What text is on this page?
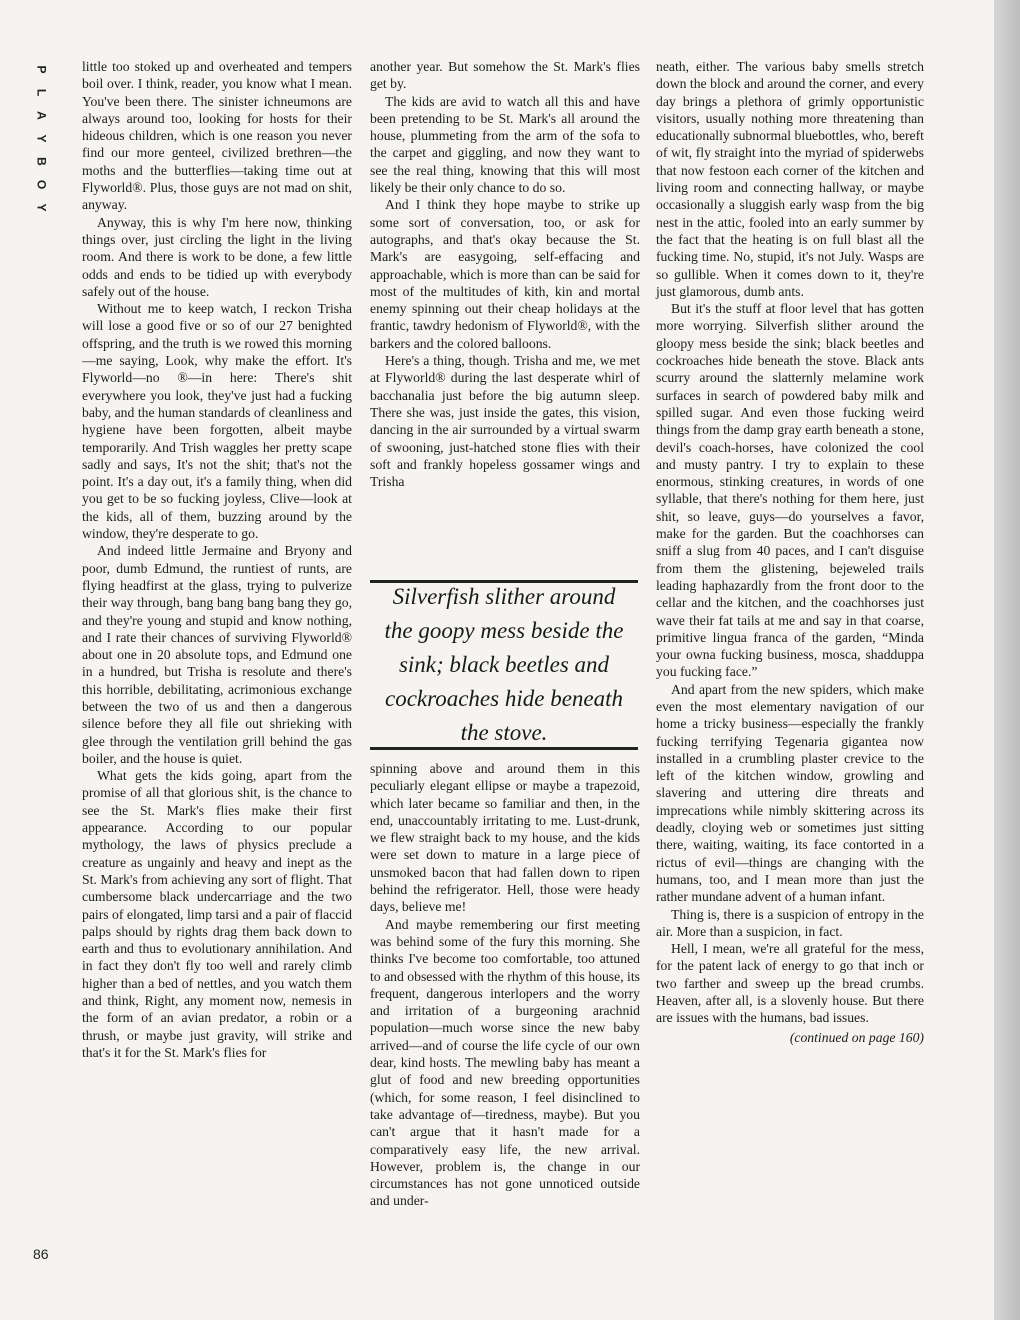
P
L
A
Y
B
O
Y
86

little too stoked up and overheated and tempers boil over. I think, reader, you know what I mean. You've been there. The sinister ichneumons are always around too, looking for hosts for their hideous children, which is one reason you never find our more genteel, civilized brethren—the moths and the butterflies—taking time out at Flyworld®. Plus, those guys are not mad on shit, anyway.

Anyway, this is why I'm here now, thinking things over, just circling the light in the living room. And there is work to be done, a few little odds and ends to be tidied up with everybody safely out of the house.

Without me to keep watch, I reckon Trisha will lose a good five or so of our 27 benighted offspring, and the truth is we rowed this morning—me saying, Look, why make the effort. It's Flyworld—no ®—in here: There's shit everywhere you look, they've just had a fucking baby, and the human standards of cleanliness and hygiene have been forgotten, albeit maybe temporarily. And Trish waggles her pretty scape sadly and says, It's not the shit; that's not the point. It's a day out, it's a family thing, when did you get to be so fucking joyless, Clive—look at the kids, all of them, buzzing around by the window, they're desperate to go.

And indeed little Jermaine and Bryony and poor, dumb Edmund, the runtiest of runts, are flying headfirst at the glass, trying to pulverize their way through, bang bang bang bang they go, and they're young and stupid and know nothing, and I rate their chances of surviving Flyworld® about one in 20 absolute tops, and Edmund one in a hundred, but Trisha is resolute and there's this horrible, debilitating, acrimonious exchange between the two of us and then a dangerous silence before they all file out shrieking with glee through the ventilation grill behind the gas boiler, and the house is quiet.

What gets the kids going, apart from the promise of all that glorious shit, is the chance to see the St. Mark's flies make their first appearance. According to our popular mythology, the laws of physics preclude a creature as ungainly and heavy and inept as the St. Mark's from achieving any sort of flight. That cumbersome black undercarriage and the two pairs of elongated, limp tarsi and a pair of flaccid palps should by rights drag them back down to earth and thus to evolutionary annihilation. And in fact they don't fly too well and rarely climb higher than a bed of nettles, and you watch them and think, Right, any moment now, nemesis in the form of an avian predator, a robin or a thrush, or maybe just gravity, will strike and that's it for the St. Mark's flies for

another year. But somehow the St. Mark's flies get by.

The kids are avid to watch all this and have been pretending to be St. Mark's all around the house, plummeting from the arm of the sofa to the carpet and giggling, and now they want to see the real thing, knowing that this will most likely be their only chance to do so.

And I think they hope maybe to strike up some sort of conversation, too, or ask for autographs, and that's okay because the St. Mark's are easygoing, self-effacing and approachable, which is more than can be said for most of the multitudes of kith, kin and mortal enemy spinning out their cheap holidays at the frantic, tawdry hedonism of Flyworld®, with the barkers and the colored balloons.

Here's a thing, though. Trisha and me, we met at Flyworld® during the last desperate whirl of bacchanalia just before the big autumn sleep. There she was, just inside the gates, this vision, dancing in the air surrounded by a virtual swarm of swooning, just-hatched stone flies with their soft and frankly hopeless gossamer wings and Trisha

Silverfish slither around the goopy mess beside the sink; black beetles and cockroaches hide beneath the stove.

spinning above and around them in this peculiarly elegant ellipse or maybe a trapezoid, which later became so familiar and then, in the end, unaccountably irritating to me. Lust-drunk, we flew straight back to my house, and the kids were set down to mature in a large piece of unsmoked bacon that had fallen down to ripen behind the refrigerator. Hell, those were heady days, believe me!

And maybe remembering our first meeting was behind some of the fury this morning. She thinks I've become too comfortable, too attuned to and obsessed with the rhythm of this house, its frequent, dangerous interlopers and the worry and irritation of a burgeoning arachnid population—much worse since the new baby arrived—and of course the life cycle of our own dear, kind hosts. The mewling baby has meant a glut of food and new breeding opportunities (which, for some reason, I feel disinclined to take advantage of—tiredness, maybe). But you can't argue that it hasn't made for a comparatively easy life, the new arrival. However, problem is, the change in our circumstances has not gone unnoticed outside and under-

neath, either. The various baby smells stretch down the block and around the corner, and every day brings a plethora of grimly opportunistic visitors, usually nothing more threatening than educationally subnormal bluebottles, who, bereft of wit, fly straight into the myriad of spiderwebs that now festoon each corner of the kitchen and living room and connecting hallway, or maybe occasionally a sluggish early wasp from the big nest in the attic, fooled into an early summer by the fact that the heating is on full blast all the fucking time. No, stupid, it's not July. Wasps are so gullible. When it comes down to it, they're just glamorous, dumb ants.

But it's the stuff at floor level that has gotten more worrying. Silverfish slither around the gloopy mess beside the sink; black beetles and cockroaches hide beneath the stove. Black ants scurry around the slatternly melamine work surfaces in search of powdered baby milk and spilled sugar. And even those fucking weird things from the damp gray earth beneath a stone, devil's coach-horses, have colonized the cool and musty pantry. I try to explain to these enormous, stinking creatures, in words of one syllable, that there's nothing for them here, just shit, so leave, guys—do yourselves a favor, make for the garden. But the coachhorses can sniff a slug from 40 paces, and I can't disguise from them the glistening, bejeweled trails leading haphazardly from the front door to the cellar and the kitchen, and the coachhorses just wave their fat tails at me and say in that coarse, primitive lingua franca of the garden, “Minda your owna fucking business, mosca, shadduppa you fucking face.”

And apart from the new spiders, which make even the most elementary navigation of our home a tricky business—especially the frankly fucking terrifying Tegenaria gigantea now installed in a crumbling plaster crevice to the left of the kitchen window, growling and slavering and uttering dire threats and imprecations while nimbly skittering across its deadly, cloying web or sometimes just sitting there, waiting, waiting, its face contorted in a rictus of evil—things are changing with the humans, too, and I mean more than just the rather mundane advent of a human infant.

Thing is, there is a suspicion of entropy in the air. More than a suspicion, in fact.

Hell, I mean, we're all grateful for the mess, for the patent lack of energy to go that inch or two farther and sweep up the bread crumbs. Heaven, after all, is a slovenly house. But there are issues with the humans, bad issues.

(continued on page 160)
